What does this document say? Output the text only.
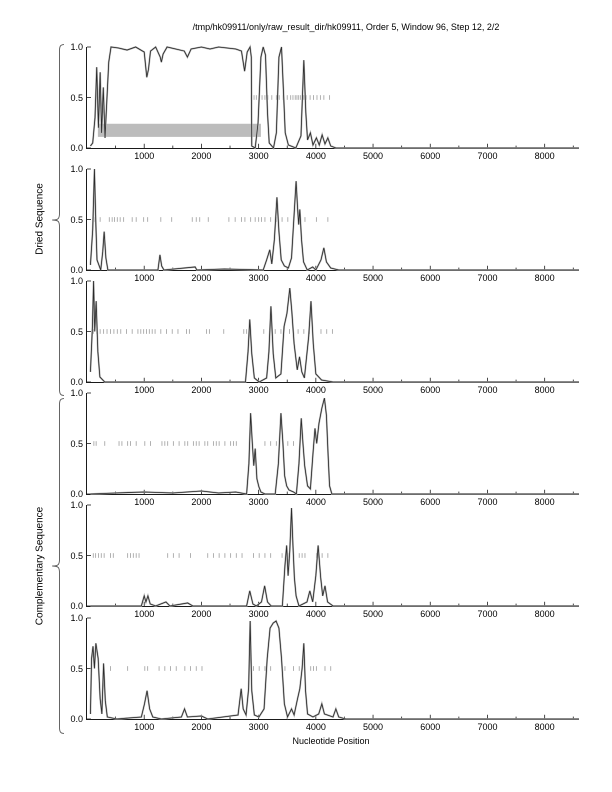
/tmp/hk09911/only/raw_result_dir/hk09911, Order 5, Window 96, Step 12, 2/2
Dried Sequence
Complementary Sequence
1.0
0.5
0.0
1000	2000	3000	4000	5000	6000	7000	8000
1.0
0.5
0.0
1000	2000	3000	4000	5000	6000	7000	8000
1.0
0.5
0.0
1000	2000	3000	4000	5000	6000	7000	8000
1.0
0.5
0.0
1000	2000	3000	4000	5000	6000	7000	8000
1.0
0.5
0.0
1000	2000	3000	4000	5000	6000	7000	8000
1.0
0.5
0.0
1000	2000	3000	4000	5000	6000	7000	8000
Nucleotide Position
